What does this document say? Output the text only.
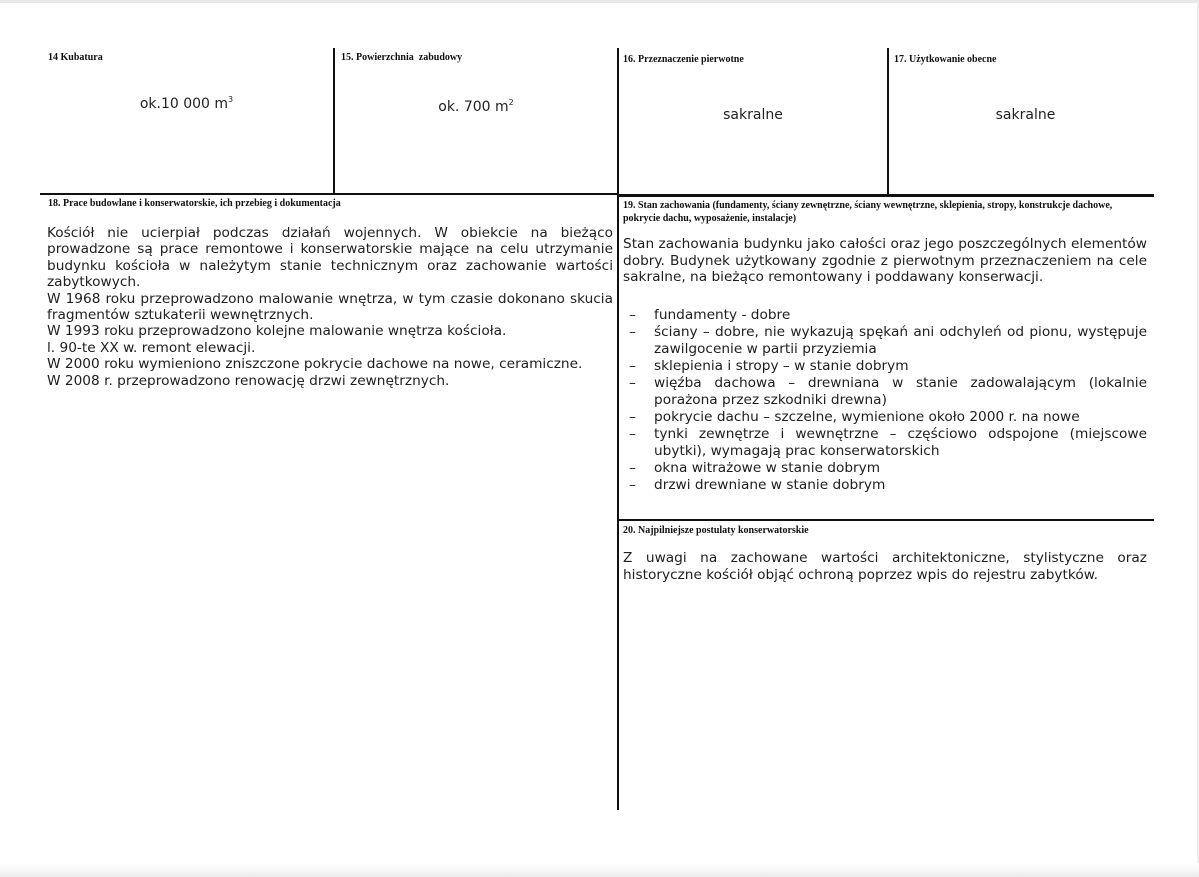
14 Kubatura
ok.10 000 $m^3$
15. Powierzchnia  zabudowy
ok. 700 $m^2$
16. Przeznaczenie pierwotne
sakralne
17. Użytkowanie obecne
sakralne
18. Prace budowlane i konserwatorskie, ich przebieg i dokumentacja

Kościół nie ucierpiał podczas działań wojennych. W obiekcie na bieżąco prowadzone są prace remontowe i konserwatorskie mające na celu utrzymanie budynku kościoła w należytym stanie technicznym oraz zachowanie wartości zabytkowych.

W 1968 roku przeprowadzono malowanie wnętrza, w tym czasie dokonano skucia fragmentów sztukaterii wewnętrznych.

W 1993 roku przeprowadzono kolejne malowanie wnętrza kościoła.

l. 90-te XX w. remont elewacji.

W 2000 roku wymieniono zniszczone pokrycie dachowe na nowe, ceramiczne.

W 2008 r. przeprowadzono renowację drzwi zewnętrznych.

19. Stan zachowania (fundamenty, ściany zewnętrzne, ściany wewnętrzne, sklepienia, stropy, konstrukcje dachowe, pokrycie dachu, wyposażenie, instalacje)
Stan zachowania budynku jako całości oraz jego poszczególnych elementów dobry. Budynek użytkowany zgodnie z pierwotnym przeznaczeniem na cele sakralne, na bieżąco remontowany i poddawany konserwacji.
– fundamenty - dobre
– ściany – dobre, nie wykazują spękań ani odchyleń od pionu, występuje zawilgocenie w partii przyziemia
– sklepienia i stropy – w stanie dobrym
– więźba dachowa – drewniana w stanie zadowalającym (lokalnie porażona przez szkodniki drewna)
– pokrycie dachu – szczelne, wymienione około 2000 r. na nowe
– tynki zewnętrze i wewnętrzne – częściowo odspojone (miejscowe ubytki), wymagają prac konserwatorskich
– okna witrażowe w stanie dobrym
– drzwi drewniane w stanie dobrym
20. Najpilniejsze postulaty konserwatorskie
Z uwagi na zachowane wartości architektoniczne, stylistyczne oraz historyczne kościół objąć ochroną poprzez wpis do rejestru zabytków.
